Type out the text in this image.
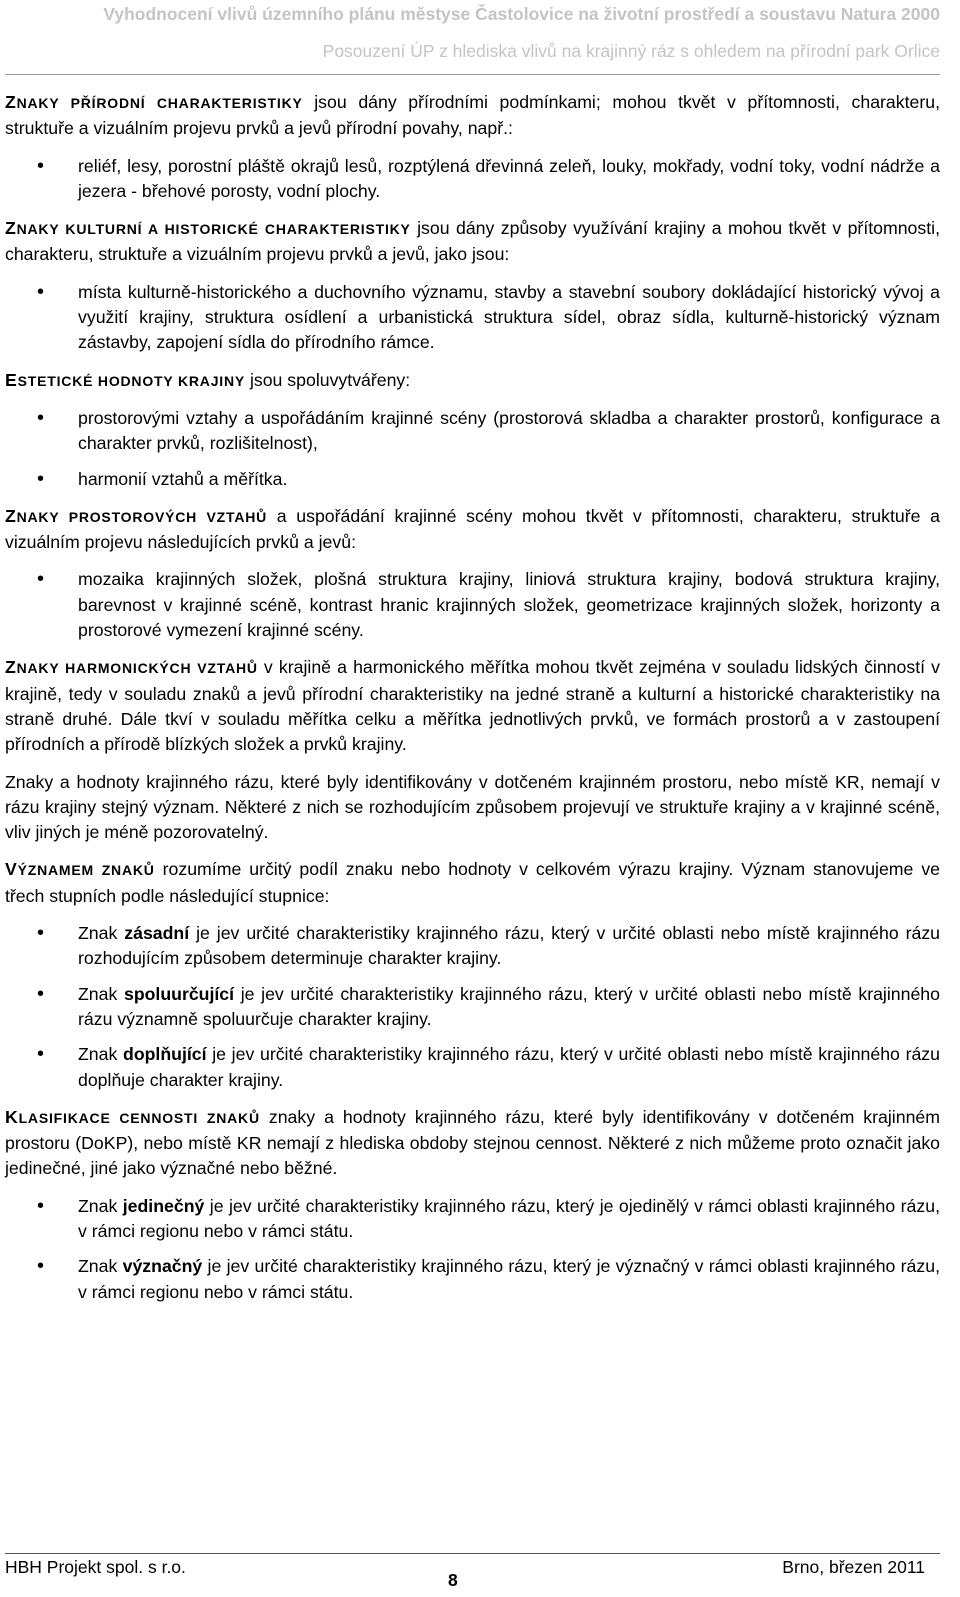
Vyhodnocení vlivů územního plánu městyse Častolovice na životní prostředí a soustavu Natura 2000
Posouzení ÚP z hlediska vlivů na krajinný ráz s ohledem na přírodní park Orlice

ZNAKY PŘÍRODNÍ CHARAKTERISTIKY jsou dány přírodními podmínkami; mohou tkvět v přítomnosti, charakteru, struktuře a vizuálním projevu prvků a jevů přírodní povahy, např.:

• reliéf, lesy, porostní pláště okrajů lesů, rozptýlená dřevinná zeleň, louky, mokřady, vodní toky, vodní nádrže a jezera - břehové porosty, vodní plochy.

ZNAKY KULTURNÍ A HISTORICKÉ CHARAKTERISTIKY jsou dány způsoby využívání krajiny a mohou tkvět v přítomnosti, charakteru, struktuře a vizuálním projevu prvků a jevů, jako jsou:

• místa kulturně-historického a duchovního významu, stavby a stavební soubory dokládající historický vývoj a využití krajiny, struktura osídlení a urbanistická struktura sídel, obraz sídla, kulturně-historický význam zástavby, zapojení sídla do přírodního rámce.

ESTETICKÉ HODNOTY KRAJINY jsou spoluvytvářeny:

• prostorovými vztahy a uspořádáním krajinné scény (prostorová skladba a charakter prostorů, konfigurace a charakter prvků, rozlišitelnost),
• harmonií vztahů a měřítka.

ZNAKY PROSTOROVÝCH VZTAHŮ a uspořádání krajinné scény mohou tkvět v přítomnosti, charakteru, struktuře a vizuálním projevu následujících prvků a jevů:

• mozaika krajinných složek, plošná struktura krajiny, liniová struktura krajiny, bodová struktura krajiny, barevnost v krajinné scéně, kontrast hranic krajinných složek, geometrizace krajinných složek, horizonty a prostorové vymezení krajinné scény.

ZNAKY HARMONICKÝCH VZTAHŮ v krajině a harmonického měřítka mohou tkvět zejména v souladu lidských činností v krajině, tedy v souladu znaků a jevů přírodní charakteristiky na jedné straně a kulturní a historické charakteristiky na straně druhé. Dále tkví v souladu měřítka celku a měřítka jednotlivých prvků, ve formách prostorů a v zastoupení přírodních a přírodě blízkých složek a prvků krajiny.

Znaky a hodnoty krajinného rázu, které byly identifikovány v dotčeném krajinném prostoru, nebo místě KR, nemají v rázu krajiny stejný význam. Některé z nich se rozhodujícím způsobem projevují ve struktuře krajiny a v krajinné scéně, vliv jiných je méně pozorovatelný.

VÝZNAMEM ZNAKŮ rozumíme určitý podíl znaku nebo hodnoty v celkovém výrazu krajiny. Význam stanovujeme ve třech stupních podle následující stupnice:

• Znak zásadní je jev určité charakteristiky krajinného rázu, který v určité oblasti nebo místě krajinného rázu rozhodujícím způsobem determinuje charakter krajiny.
• Znak spoluurčující je jev určité charakteristiky krajinného rázu, který v určité oblasti nebo místě krajinného rázu významně spoluurčuje charakter krajiny.
• Znak doplňující je jev určité charakteristiky krajinného rázu, který v určité oblasti nebo místě krajinného rázu doplňuje charakter krajiny.

KLASIFIKACE CENNOSTI ZNAKŮ znaky a hodnoty krajinného rázu, které byly identifikovány v dotčeném krajinném prostoru (DoKP), nebo místě KR nemají z hlediska obdoby stejnou cennost. Některé z nich můžeme proto označit jako jedinečné, jiné jako význačné nebo běžné.

• Znak jedinečný je jev určité charakteristiky krajinného rázu, který je ojedinělý v rámci oblasti krajinného rázu, v rámci regionu nebo v rámci státu.
• Znak význačný je jev určité charakteristiky krajinného rázu, který je význačný v rámci oblasti krajinného rázu, v rámci regionu nebo v rámci státu.
HBH Projekt spol. s r.o.
8
Brno, březen 2011
